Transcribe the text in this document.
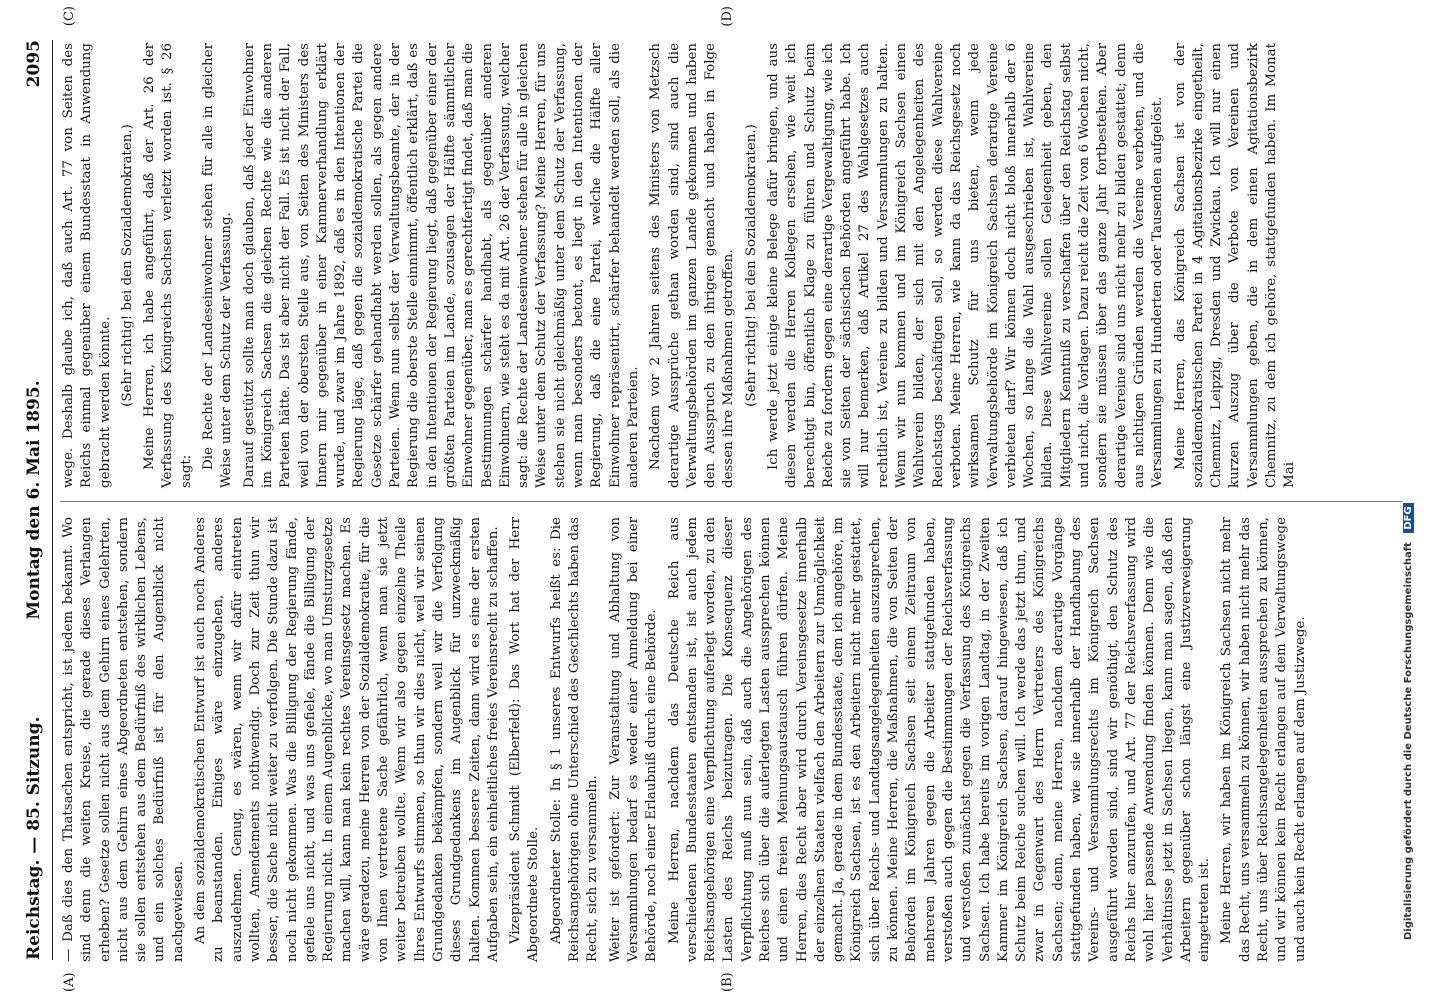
Reichstag. — 85. Sitzung.
Montag den 6. Mai 1895.
2095
(A)	(B)
(C)	(D)

— Daß dies den Thatsachen entspricht, ist jedem bekannt. Wo sind denn die weiten Kreise, die gerade dieses Verlangen erheben? Gesetze sollen nicht aus dem Gehirn eines Gelehrten, nicht aus dem Gehirn eines Abgeordneten entstehen, sondern sie sollen entstehen aus dem Bedürfniß des wirklichen Lebens, und ein solches Bedürfniß ist für den Augenblick nicht nachgewiesen. An dem sozialdemokratischen Entwurf ist auch noch Anderes zu beanstanden. Einiges wäre einzugehen, anderes auszudehnen. Genug, es wären, wenn wir dafür eintreten wollten, Amendements nothwendig. Doch zur Zeit thun wir besser, die Sache nicht weiter zu verfolgen. Die Stunde dazu ist noch nicht gekommen. Was die Billigung der Regierung fände, gefiele uns nicht, und was uns gefiele, fände die Billigung der Regierung nicht. In einem Augenblicke, wo man Umsturzgesetze machen will, kann man kein rechtes Vereinsgesetz machen. Es wäre geradezu, meine Herren von der Sozialdemokratie, für die von Ihnen vertretene Sache gefährlich, wenn man sie jetzt weiter betreiben wollte. Wenn wir also gegen einzelne Theile Ihres Entwurfs stimmen, so thun wir dies nicht, weil wir seinen Grundgedanken bekämpfen, sondern weil wir die Verfolgung dieses Grundgedankens im Augenblick für unzweckmäßig halten. Kommen bessere Zeiten, dann wird es eine der ersten Aufgaben sein, ein einheitliches freies Vereinsrecht zu schaffen. Vizepräsident Schmidt (Elberfeld): Das Wort hat der Herr Abgeordnete Stolle. Abgeordneter Stolle: In § 1 unseres Entwurfs heißt es: Die Reichsangehörigen ohne Unterschied des Geschlechts haben das Recht, sich zu versammeln. Weiter ist gefordert: Zur Veranstaltung und Abhaltung von Versammlungen bedarf es weder einer Anmeldung bei einer Behörde, noch einer Erlaubniß durch eine Behörde. Meine Herren, nachdem das Deutsche Reich aus verschiedenen Bundesstaaten entstanden ist, ist auch jedem Reichsangehörigen eine Verpflichtung auferlegt worden, zu den Lasten des Reichs beizutragen. Die Konsequenz dieser Verpflichtung muß nun sein, daß auch die Angehörigen des Reiches sich über die auferlegten Lasten aussprechen können und einen freien Meinungsaustausch führen dürfen. Meine Herren, dies Recht aber wird durch Vereinsgesetze innerhalb der einzelnen Staaten vielfach den Arbeitern zur Unmöglichkeit gemacht. Ja, gerade in dem Bundesstaate, dem ich angehöre, im Königreich Sachsen, ist es den Arbeitern nicht mehr gestattet, sich über Reichs- und Landtagsangelegenheiten auszusprechen, zu können. Meine Herren, die Maßnahmen, die von Seiten der Behörden im Königreich Sachsen seit einem Zeitraum von mehreren Jahren gegen die Arbeiter stattgefunden haben, verstoßen auch gegen die Bestimmungen der Reichsverfassung und verstoßen zunächst gegen die Verfassung des Königreichs Sachsen. Ich habe bereits im vorigen Landtag, in der Zweiten Kammer im Königreich Sachsen, darauf hingewiesen, daß ich Schutz beim Reiche suchen will. Ich werde das jetzt thun, und zwar in Gegenwart des Herrn Vertreters des Königreichs Sachsen; denn, meine Herren, nachdem derartige Vorgänge stattgefunden haben, wie sie innerhalb der Handhabung des Vereins- und Versammlungsrechts im Königreich Sachsen ausgeführt worden sind, sind wir genöthigt, den Schutz des Reichs hier anzurufen, und Art. 77 der Reichsverfassung wird wohl hier passende Anwendung finden können. Denn wie die Verhältnisse jetzt in Sachsen liegen, kann man sagen, daß den Arbeitern gegenüber schon längst eine Justizverweigerung eingetreten ist. Meine Herren, wir haben im Königreich Sachsen nicht mehr das Recht, uns versammeln zu können, wir haben nicht mehr das Recht, uns über Reichsangelegenheiten aussprechen zu können, und wir können kein Recht erlangen auf dem Verwaltungswege und auch kein Recht erlangen auf dem Justizwege.

wege. Deshalb glaube ich, daß auch Art. 77 von Seiten des Reichs einmal gegenüber einem Bundesstaat in Anwendung gebracht werden könnte. (Sehr richtig! bei den Sozialdemokraten.) Meine Herren, ich habe angeführt, daß der Art. 26 der Verfassung des Königreichs Sachsen verletzt worden ist. § 26 sagt:

Die Rechte der Landeseinwohner stehen für alle in gleicher Weise unter dem Schutz der Verfassung. Darauf gestützt sollte man doch glauben, daß jeder Einwohner im Königreich Sachsen die gleichen Rechte wie die anderen Parteien hätte. Das ist aber nicht der Fall. Es ist nicht der Fall, weil von der obersten Stelle aus, von Seiten des Ministers des Innern mir gegenüber in einer Kammerverhandlung erklärt wurde, und zwar im Jahre 1892, daß es in den Intentionen der Regierung läge, daß gegen die sozialdemokratische Partei die Gesetze schärfer gehandhabt werden sollen, als gegen andere Parteien. Wenn nun selbst der Verwaltungsbeamte, der in der Regierung die oberste Stelle einnimmt, öffentlich erklärt, daß es in den Intentionen der Regierung liegt, daß gegenüber einer der größten Parteien im Lande, sozusagen der Hälfte sämmtlicher Einwohner gegenüber, man es gerechtfertigt findet, daß man die Bestimmungen schärfer handhabt, als gegenüber anderen Einwohnern, wie steht es da mit Art. 26 der Verfassung, welcher sagt: die Rechte der Landeseinwohner stehen für alle in gleichen Weise unter dem Schutz der Verfassung? Meine Herren, für uns stehen sie nicht gleichmäßig unter dem Schutz der Verfassung, wenn man besonders betont, es liegt in den Intentionen der Regierung, daß die eine Partei, welche die Hälfte aller Einwohner repräsentirt, schärfer behandelt werden soll, als die anderen Parteien. Nachdem vor 2 Jahren seitens des Ministers von Metzsch derartige Aussprüche gethan worden sind, sind auch die Verwaltungsbehörden im ganzen Lande gekommen und haben den Ausspruch zu den ihrigen gemacht und haben in Folge dessen ihre Maßnahmen getroffen. (Sehr richtig! bei den Sozialdemokraten.) Ich werde jetzt einige kleine Belege dafür bringen, und aus diesen werden die Herren Kollegen ersehen, wie weit ich berechtigt bin, öffentlich Klage zu führen und Schutz beim Reiche zu fordern gegen eine derartige Vergewaltigung, wie ich sie von Seiten der sächsischen Behörden angeführt habe. Ich will nur bemerken, daß Artikel 27 des Wahlgesetzes auch rechtlich ist, Vereine zu bilden und Versammlungen zu halten. Wenn wir nun kommen und im Königreich Sachsen einen Wahlverein bilden, der sich mit den Angelegenheiten des Reichstags beschäftigen soll, so werden diese Wahlvereine verboten. Meine Herren, wie kann da das Reichsgesetz noch wirksamen Schutz für uns bieten, wenn jede Verwaltungsbehörde im Königreich Sachsen derartige Vereine verbieten darf? Wir können doch nicht bloß innerhalb der 6 Wochen, so lange die Wahl ausgeschrieben ist, Wahlvereine bilden. Diese Wahlvereine sollen Gelegenheit geben, den Mitgliedern Kenntniß zu verschaffen über den Reichstag selbst und nicht, die Vorlagen. Dazu reicht die Zeit von 6 Wochen nicht, sondern sie müssen über das ganze Jahr fortbestehen. Aber derartige Vereine sind uns nicht mehr zu bilden gestattet; denn aus nichtigen Gründen werden die Vereine verboten, und die Versammlungen zu Hunderten oder Tausenden aufgelöst. Meine Herren, das Königreich Sachsen ist von der sozialdemokratischen Partei in 4 Agitationsbezirke eingetheilt, Chemnitz, Leipzig, Dresden und Zwickau. Ich will nur einen kurzen Auszug über die Verbote von Vereinen und Versammlungen geben, die in dem einen Agitationsbezirk Chemnitz, zu dem ich gehöre, stattgefunden haben. Im Monat Mai

Digitalisierung gefördert durch die Deutsche Forschungsgemeinschaft DFG
